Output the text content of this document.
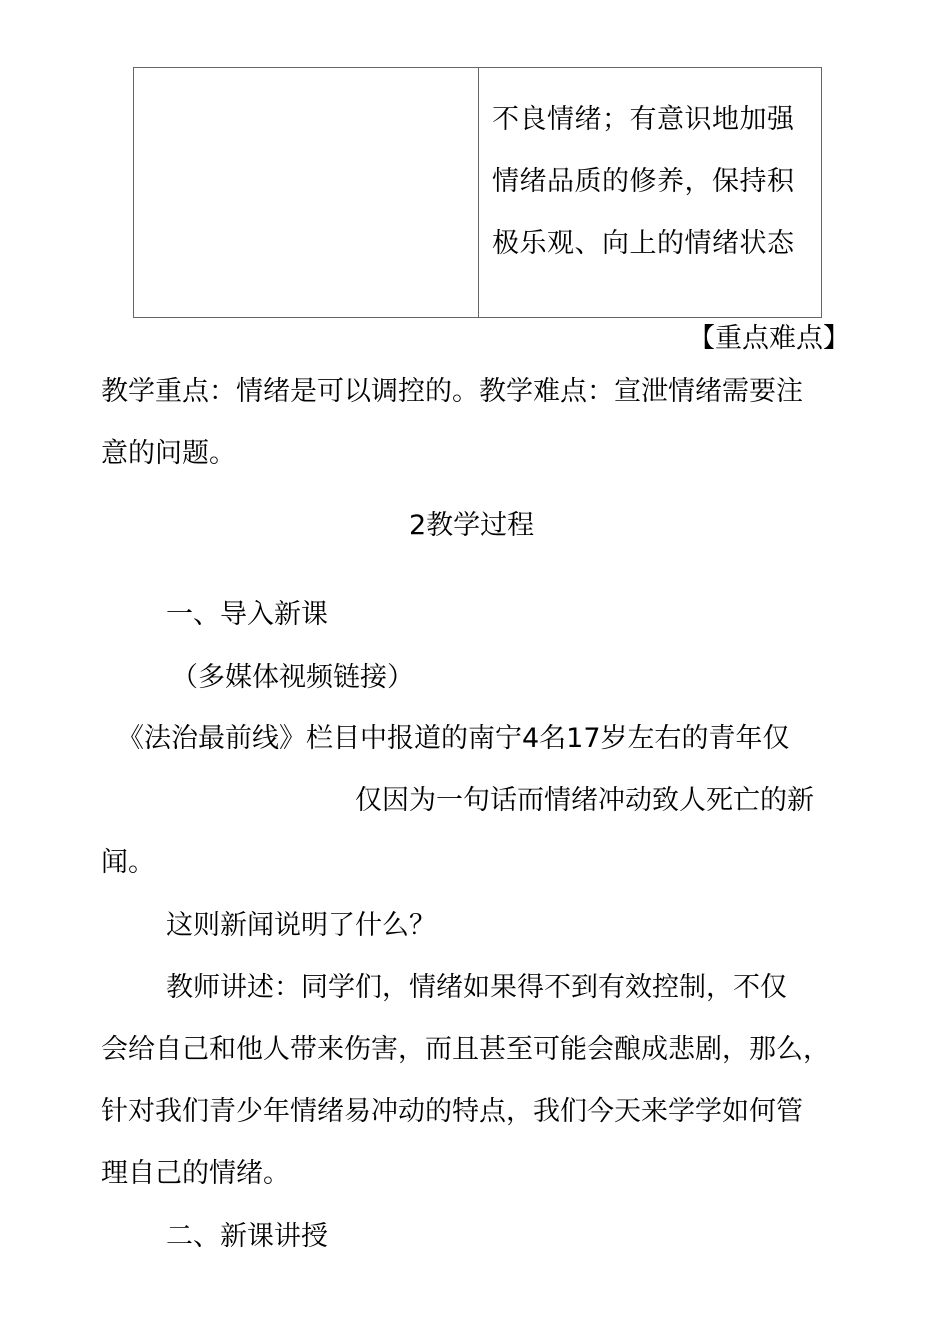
不良情绪；有意识地加强
情绪品质的修养，保持积
极乐观、向上的情绪状态
【重点难点】
教学重点：情绪是可以调控的。教学难点：宣泄情绪需要注
意的问题。
2教学过程
一、导入新课
（多媒体视频链接）
《法治最前线》栏目中报道的南宁4名17岁左右的青年仅
仅因为一句话而情绪冲动致人死亡的新
闻。
这则新闻说明了什么？
教师讲述：同学们，情绪如果得不到有效控制，不仅
会给自己和他人带来伤害，而且甚至可能会酿成悲剧，那么，
针对我们青少年情绪易冲动的特点，我们今天来学学如何管
理自己的情绪。
二、新课讲授
